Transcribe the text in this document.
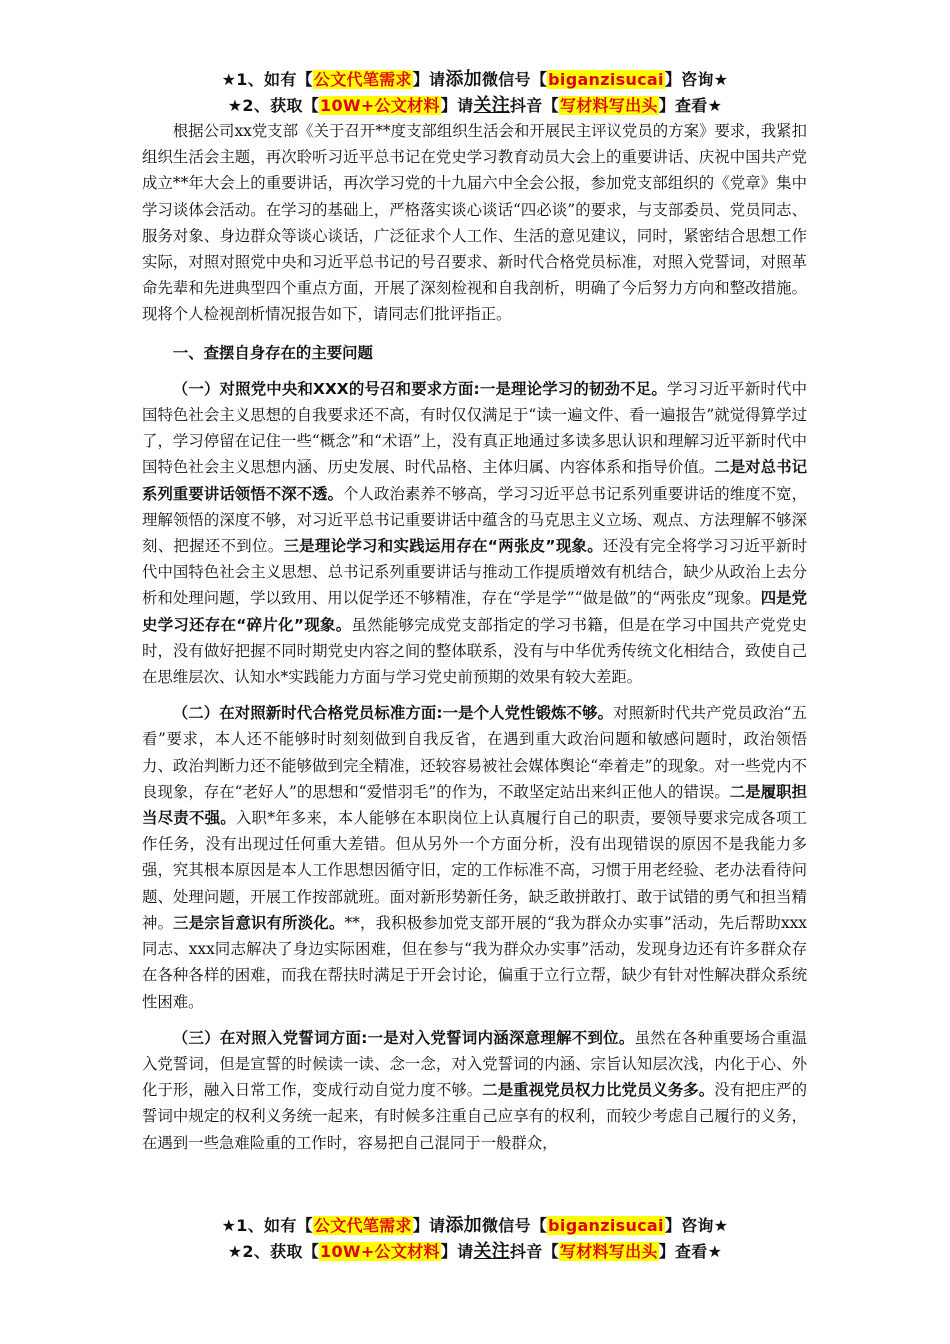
★1、如有【公文代笔需求】请添加微信号【biganzisucai】咨询★
★2、获取【10W+公文材料】请关注抖音【写材料写出头】查看★

根据公司xx党支部《关于召开**度支部组织生活会和开展民主评议党员的方案》要求，我紧扣组织生活会主题，再次聆听习近平总书记在党史学习教育动员大会上的重要讲话、庆祝中国共产党成立**年大会上的重要讲话，再次学习党的十九届六中全会公报，参加党支部组织的《党章》集中学习谈体会活动。在学习的基础上，严格落实谈心谈话“四必谈”的要求，与支部委员、党员同志、服务对象、身边群众等谈心谈话，广泛征求个人工作、生活的意见建议，同时，紧密结合思想工作实际，对照对照党中央和习近平总书记的号召要求、新时代合格党员标准，对照入党誓词，对照革命先辈和先进典型四个重点方面，开展了深刻检视和自我剖析，明确了今后努力方向和整改措施。现将个人检视剖析情况报告如下，请同志们批评指正。

一、查摆自身存在的主要问题

（一）对照党中央和XXX的号召和要求方面:一是理论学习的韧劲不足。学习习近平新时代中国特色社会主义思想的自我要求还不高，有时仅仅满足于“读一遍文件、看一遍报告”就觉得算学过了，学习停留在记住一些“概念”和“术语”上，没有真正地通过多读多思认识和理解习近平新时代中国特色社会主义思想内涵、历史发展、时代品格、主体归属、内容体系和指导价值。二是对总书记系列重要讲话领悟不深不透。个人政治素养不够高，学习习近平总书记系列重要讲话的维度不宽，理解领悟的深度不够，对习近平总书记重要讲话中蕴含的马克思主义立场、观点、方法理解不够深刻、把握还不到位。三是理论学习和实践运用存在“两张皮”现象。还没有完全将学习习近平新时代中国特色社会主义思想、总书记系列重要讲话与推动工作提质增效有机结合，缺少从政治上去分析和处理问题，学以致用、用以促学还不够精准，存在“学是学”“做是做”的“两张皮”现象。四是党史学习还存在“碎片化”现象。虽然能够完成党支部指定的学习书籍，但是在学习中国共产党党史时，没有做好把握不同时期党史内容之间的整体联系，没有与中华优秀传统文化相结合，致使自己在思维层次、认知水*实践能力方面与学习党史前预期的效果有较大差距。

（二）在对照新时代合格党员标准方面:一是个人党性锻炼不够。对照新时代共产党员政治“五看”要求，本人还不能够时时刻刻做到自我反省，在遇到重大政治问题和敏感问题时，政治领悟力、政治判断力还不能够做到完全精准，还较容易被社会媒体舆论“牵着走”的现象。对一些党内不良现象，存在“老好人”的思想和“爱惜羽毛”的作为，不敢坚定站出来纠正他人的错误。二是履职担当尽责不强。入职*年多来，本人能够在本职岗位上认真履行自己的职责，要领导要求完成各项工作任务，没有出现过任何重大差错。但从另外一个方面分析，没有出现错误的原因不是我能力多强，究其根本原因是本人工作思想因循守旧，定的工作标准不高，习惯于用老经验、老办法看待问题、处理问题，开展工作按部就班。面对新形势新任务，缺乏敢拼敢打、敢于试错的勇气和担当精神。三是宗旨意识有所淡化。**，我积极参加党支部开展的“我为群众办实事”活动，先后帮助xxx同志、xxx同志解决了身边实际困难，但在参与“我为群众办实事”活动，发现身边还有许多群众存在各种各样的困难，而我在帮扶时满足于开会讨论，偏重于立行立帮，缺少有针对性解决群众系统性困难。

（三）在对照入党誓词方面:一是对入党誓词内涵深意理解不到位。虽然在各种重要场合重温入党誓词，但是宣誓的时候读一读、念一念，对入党誓词的内涵、宗旨认知层次浅，内化于心、外化于形，融入日常工作，变成行动自觉力度不够。二是重视党员权力比党员义务多。没有把庄严的誓词中规定的权利义务统一起来，有时候多注重自己应享有的权利，而较少考虑自己履行的义务，在遇到一些急难险重的工作时，容易把自己混同于一般群众，

★1、如有【公文代笔需求】请添加微信号【biganzisucai】咨询★
★2、获取【10W+公文材料】请关注抖音【写材料写出头】查看★
